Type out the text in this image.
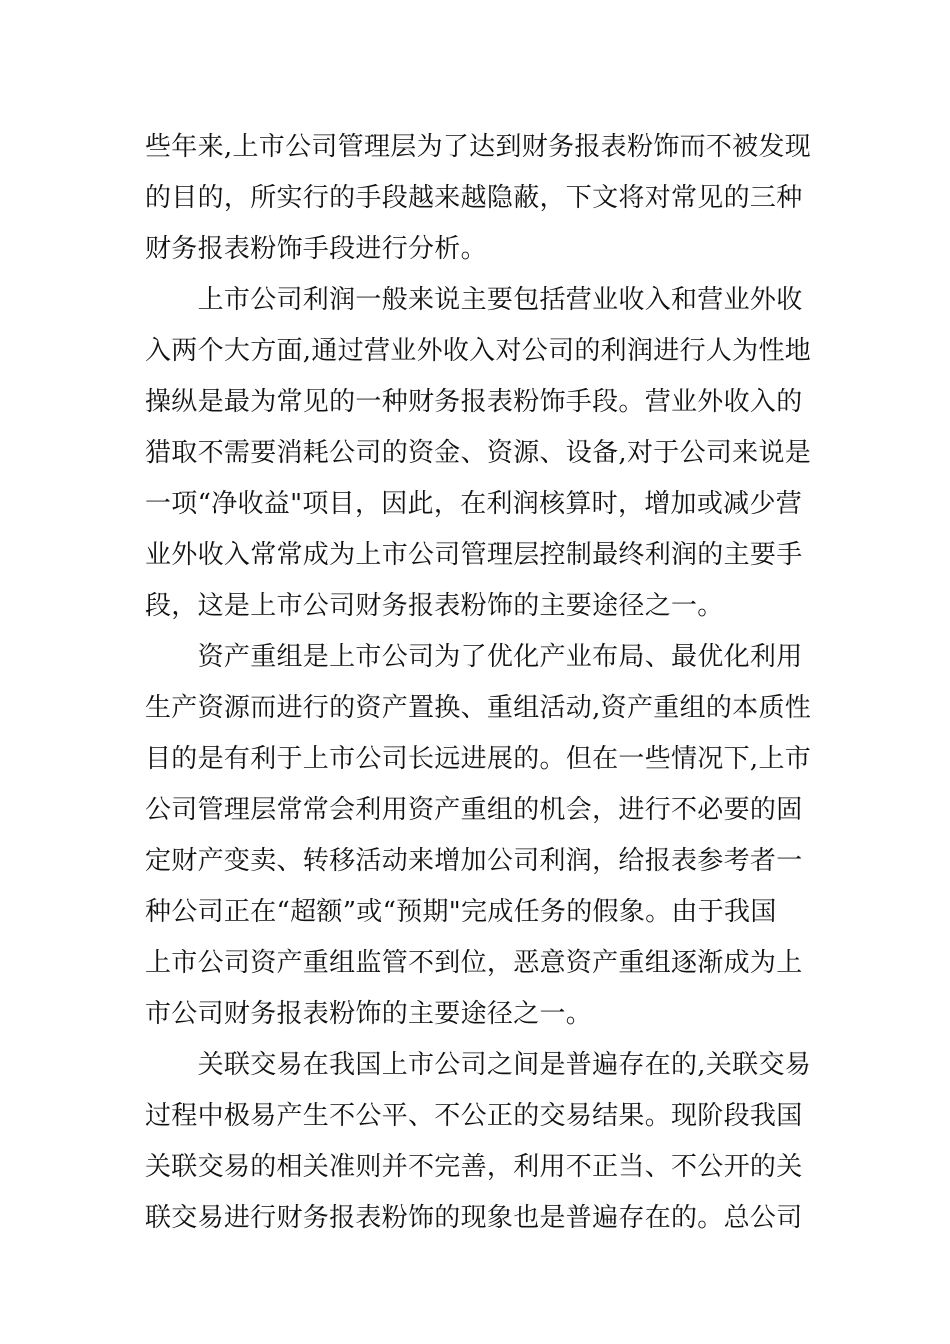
些年来,上市公司管理层为了达到财务报表粉饰而不被发现

的目的，所实行的手段越来越隐蔽，下文将对常见的三种

财务报表粉饰手段进行分析。

　　上市公司利润一般来说主要包括营业收入和营业外收

入两个大方面,通过营业外收入对公司的利润进行人为性地

操纵是最为常见的一种财务报表粉饰手段。营业外收入的

猎取不需要消耗公司的资金、资源、设备,对于公司来说是

一项“净收益"项目，因此，在利润核算时，增加或减少营

业外收入常常成为上市公司管理层控制最终利润的主要手

段，这是上市公司财务报表粉饰的主要途径之一。

　　资产重组是上市公司为了优化产业布局、最优化利用

生产资源而进行的资产置换、重组活动,资产重组的本质性

目的是有利于上市公司长远进展的。但在一些情况下,上市

公司管理层常常会利用资产重组的机会，进行不必要的固

定财产变卖、转移活动来增加公司利润，给报表参考者一

种公司正在“超额”或“预期"完成任务的假象。由于我国

上市公司资产重组监管不到位，恶意资产重组逐渐成为上

市公司财务报表粉饰的主要途径之一。

　　关联交易在我国上市公司之间是普遍存在的,关联交易

过程中极易产生不公平、不公正的交易结果。现阶段我国

关联交易的相关准则并不完善，利用不正当、不公开的关

联交易进行财务报表粉饰的现象也是普遍存在的。总公司
